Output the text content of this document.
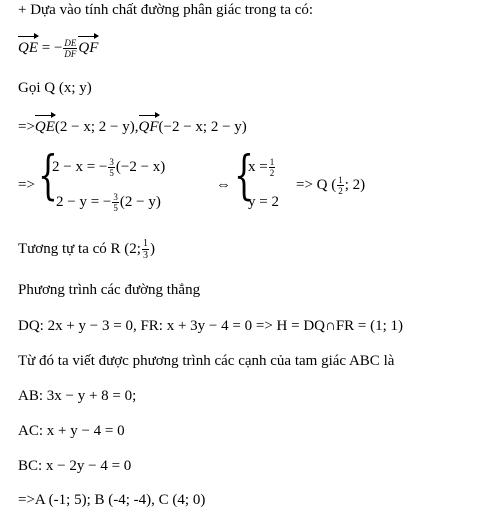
+ Dựa vào tính chất đường phân giác trong ta có:
QE = − $\frac{DE}{DF}$ QF
Gọi Q (x; y)
=>QE(2 − x; 2 − y),QF(−2 − x; 2 − y)
=> {
2 − x = − $\frac{3}{5} (-2 - x)$
2 − y = − $\frac{3}{5} (2 - y)$
⇔ {
$x = \frac{1}{2}$
y = 2
=> Q ( $\frac{1}{2}$ ; 2)
Tương tự ta có R (2; $\frac{1}{3}$ )
Phương trình các đường thẳng
DQ: 2x + y − 3 = 0, FR: x + 3y − 4 = 0 => H = DQ∩FR = (1; 1)
Từ đó ta viết được phương trình các cạnh của tam giác ABC là
AB: 3x − y + 8 = 0;
AC: x + y − 4 = 0
BC: x − 2y − 4 = 0
=>A (-1; 5); B (-4; -4), C (4; 0)
